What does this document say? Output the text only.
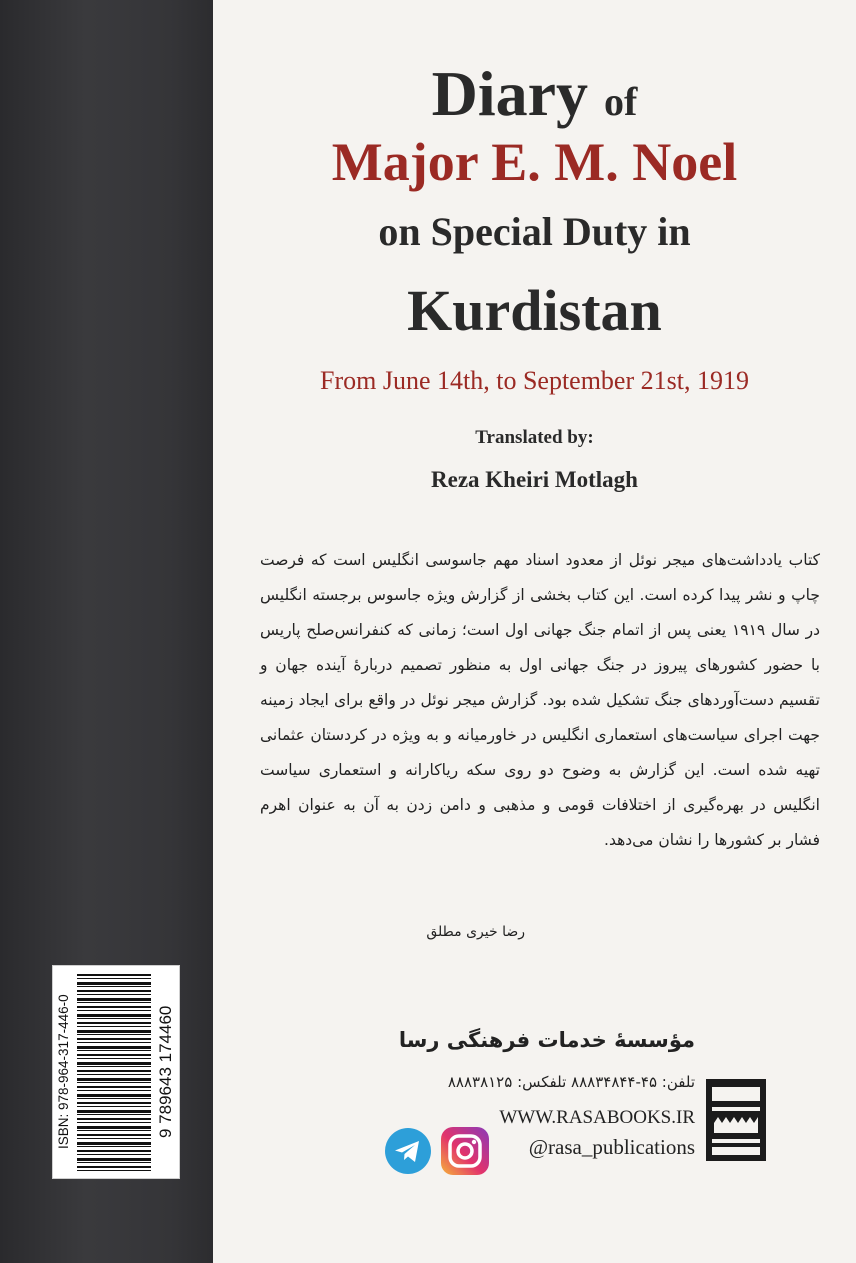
Diary of
Major E. M. Noel
on Special Duty in
Kurdistan
From June 14th, to September 21st, 1919
Translated by:
Reza Kheiri Motlagh

کتاب یادداشت‌های میجر نوئل از معدود اسناد مهم جاسوسی انگلیس است که فرصت چاپ و نشر پیدا کرده است. این کتاب بخشی از گزارش ویژه جاسوس برجسته انگلیس در سال ۱۹۱۹ یعنی پس از اتمام جنگ جهانی اول است؛ زمانی که کنفرانس‌صلح پاریس با حضور کشورهای پیروز در جنگ جهانی اول به منظور تصمیم دربارهٔ آینده جهان و تقسیم دست‌آوردهای جنگ تشکیل شده بود. گزارش میجر نوئل در واقع برای ایجاد زمینه جهت اجرای سیاست‌های استعماری انگلیس در خاورمیانه و به ویژه در کردستان عثمانی تهیه شده است. این گزارش به وضوح دو روی سکه ریاکارانه و استعماری سیاست انگلیس در بهره‌گیری از اختلافات قومی و مذهبی و دامن زدن به آن به عنوان اهرم فشار بر کشورها را نشان می‌دهد.

رضا خیری مطلق
ISBN: 978-964-317-446-0	9 789643 174460	مؤسسهٔ خدمات فرهنگی رسا
تلفن: ۴۵-۸۸۸۳۴۸۴۴ تلفکس: ۸۸۸۳۸۱۲۵
WWW.RASABOOKS.IR
@rasa_publications
